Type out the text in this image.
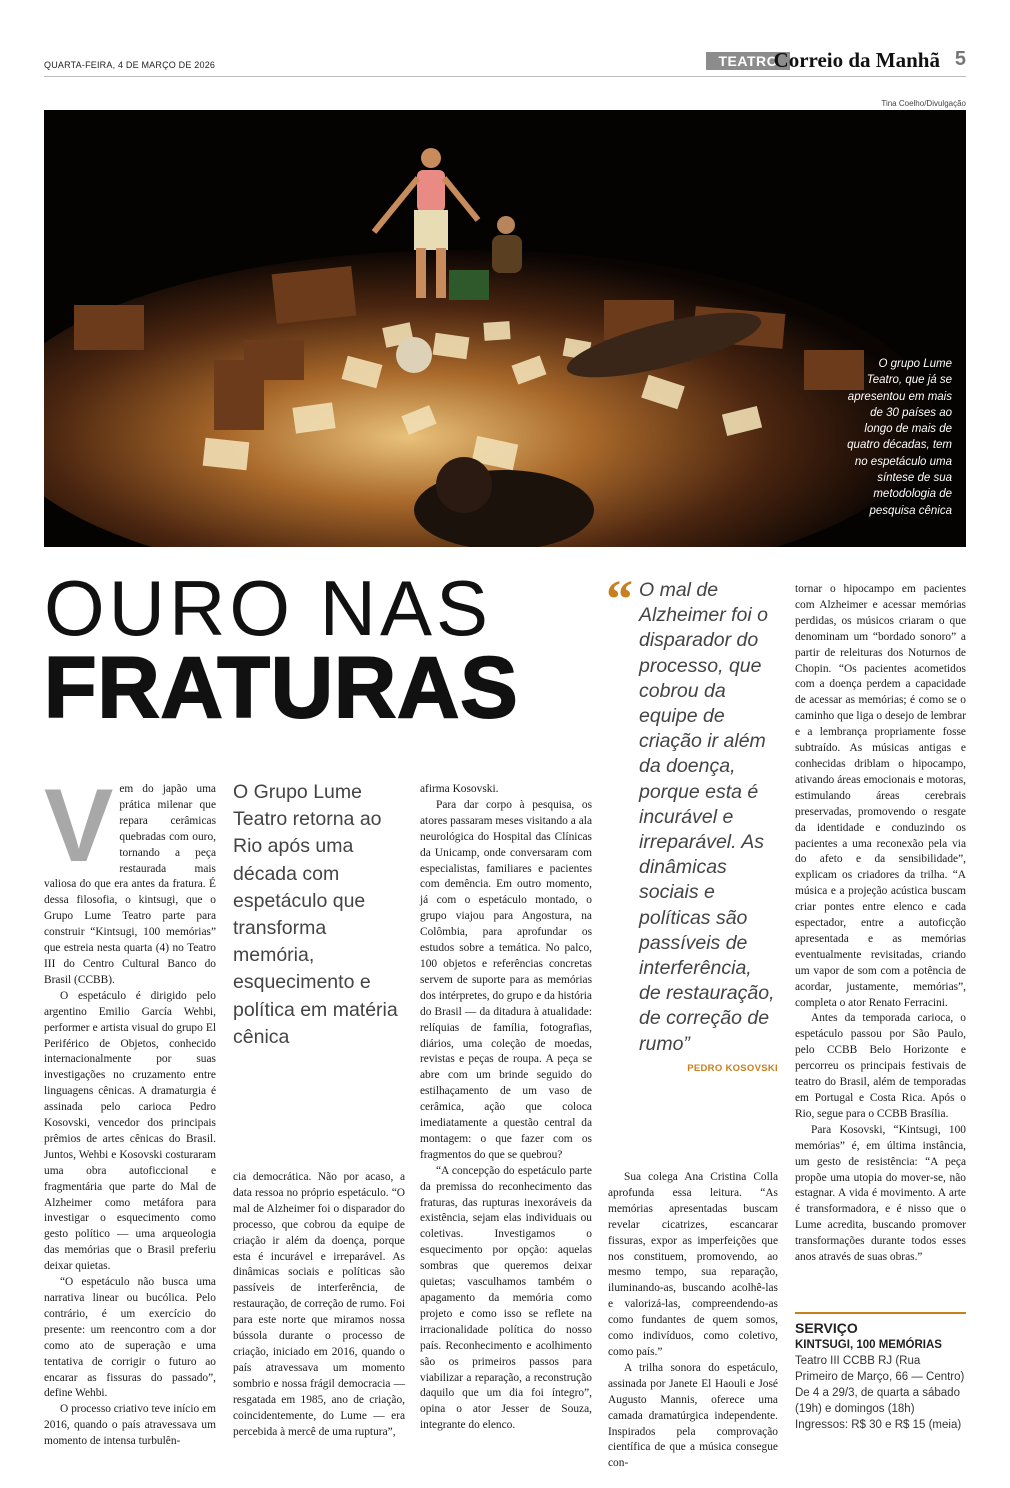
QUARTA-FEIRA, 4 DE MARÇO DE 2026	TEATRO
Correio da Manhã 5
Tina Coelho/Divulgação
O grupo Lume Teatro, que já se apresentou em mais de 30 países ao longo de mais de quatro décadas, tem no espetáculo uma síntese de sua metodologia de pesquisa cênica
OURO NAS
FRATURAS

Vem do japão uma prática milenar que repara cerâmicas quebradas com ouro, tornando a peça restaurada mais valiosa do que era antes da fratura. É dessa filosofia, o kintsugi, que o Grupo Lume Teatro parte para construir “Kintsugi, 100 memórias” que estreia nesta quarta (4) no Teatro III do Centro Cultural Banco do Brasil (CCBB).

O espetáculo é dirigido pelo argentino Emilio García Wehbi, performer e artista visual do grupo El Periférico de Objetos, conhecido internacionalmente por suas investigações no cruzamento entre linguagens cênicas. A dramaturgia é assinada pelo carioca Pedro Kosovski, vencedor dos principais prêmios de artes cênicas do Brasil. Juntos, Wehbi e Kosovski costuraram uma obra autoficcional e fragmentária que parte do Mal de Alzheimer como metáfora para investigar o esquecimento como gesto político — uma arqueologia das memórias que o Brasil preferiu deixar quietas.

“O espetáculo não busca uma narrativa linear ou bucólica. Pelo contrário, é um exercício do presente: um reencontro com a dor como ato de superação e uma tentativa de corrigir o futuro ao encarar as fissuras do passado”, define Wehbi.

O processo criativo teve início em 2016, quando o país atravessava um momento de intensa turbulên-

O Grupo Lume Teatro retorna ao Rio após uma década com espetáculo que transforma memória, esquecimento e política em matéria cênica

cia democrática. Não por acaso, a data ressoa no próprio espetáculo. “O mal de Alzheimer foi o disparador do processo, que cobrou da equipe de criação ir além da doença, porque esta é incurável e irreparável. As dinâmicas sociais e políticas são passíveis de interferência, de restauração, de correção de rumo. Foi para este norte que miramos nossa bússola durante o processo de criação, iniciado em 2016, quando o país atravessava um momento sombrio e nossa frágil democracia — resgatada em 1985, ano de criação, coincidentemente, do Lume — era percebida à mercê de uma ruptura”,

afirma Kosovski.

Para dar corpo à pesquisa, os atores passaram meses visitando a ala neurológica do Hospital das Clínicas da Unicamp, onde conversaram com especialistas, familiares e pacientes com demência. Em outro momento, já com o espetáculo montado, o grupo viajou para Angostura, na Colômbia, para aprofundar os estudos sobre a temática. No palco, 100 objetos e referências concretas servem de suporte para as memórias dos intérpretes, do grupo e da história do Brasil — da ditadura à atualidade: relíquias de família, fotografias, diários, uma coleção de moedas, revistas e peças de roupa. A peça se abre com um brinde seguido do estilhaçamento de um vaso de cerâmica, ação que coloca imediatamente a questão central da montagem: o que fazer com os fragmentos do que se quebrou?

“A concepção do espetáculo parte da premissa do reconhecimento das fraturas, das rupturas inexoráveis da existência, sejam elas individuais ou coletivas. Investigamos o esquecimento por opção: aquelas sombras que queremos deixar quietas; vasculhamos também o apagamento da memória como projeto e como isso se reflete na irracionalidade política do nosso país. Reconhecimento e acolhimento são os primeiros passos para viabilizar a reparação, a reconstrução daquilo que um dia foi íntegro”, opina o ator Jesser de Souza, integrante do elenco.

“ O mal de Alzheimer foi o disparador do processo, que cobrou da equipe de criação ir além da doença, porque esta é incurável e irreparável. As dinâmicas sociais e políticas são passíveis de interferência, de restauração, de correção de rumo”
PEDRO KOSOVSKI

Sua colega Ana Cristina Colla aprofunda essa leitura. “As memórias apresentadas buscam revelar cicatrizes, escancarar fissuras, expor as imperfeições que nos constituem, promovendo, ao mesmo tempo, sua reparação, iluminando-as, buscando acolhê-las e valorizá-las, compreendendo-as como fundantes de quem somos, como indivíduos, como coletivo, como país.”

A trilha sonora do espetáculo, assinada por Janete El Haouli e José Augusto Mannis, oferece uma camada dramatúrgica independente. Inspirados pela comprovação científica de que a música consegue con-

tornar o hipocampo em pacientes com Alzheimer e acessar memórias perdidas, os músicos criaram o que denominam um “bordado sonoro” a partir de releituras dos Noturnos de Chopin. “Os pacientes acometidos com a doença perdem a capacidade de acessar as memórias; é como se o caminho que liga o desejo de lembrar e a lembrança propriamente fosse subtraído. As músicas antigas e conhecidas driblam o hipocampo, ativando áreas emocionais e motoras, estimulando áreas cerebrais preservadas, promovendo o resgate da identidade e conduzindo os pacientes a uma reconexão pela via do afeto e da sensibilidade”, explicam os criadores da trilha. “A música e a projeção acústica buscam criar pontes entre elenco e cada espectador, entre a autoficção apresentada e as memórias eventualmente revisitadas, criando um vapor de som com a potência de acordar, justamente, memórias”, completa o ator Renato Ferracini.

Antes da temporada carioca, o espetáculo passou por São Paulo, pelo CCBB Belo Horizonte e percorreu os principais festivais de teatro do Brasil, além de temporadas em Portugal e Costa Rica. Após o Rio, segue para o CCBB Brasília.

Para Kosovski, “Kintsugi, 100 memórias” é, em última instância, um gesto de resistência: “A peça propõe uma utopia do mover-se, não estagnar. A vida é movimento. A arte é transformadora, e é nisso que o Lume acredita, buscando promover transformações durante todos esses anos através de suas obras.”

SERVIÇO
KINTSUGI, 100 MEMÓRIAS
Teatro III CCBB RJ (Rua Primeiro de Março, 66 — Centro)
De 4 a 29/3, de quarta a sábado (19h) e domingos (18h)
Ingressos: R$ 30 e R$ 15 (meia)
